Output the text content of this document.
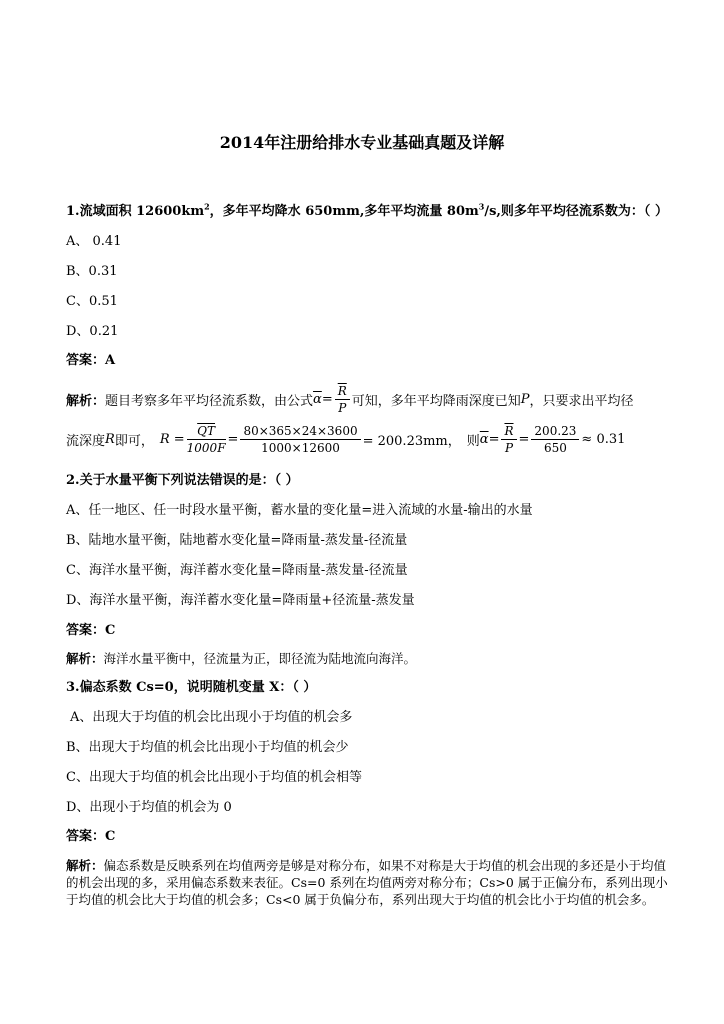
2014年注册给排水专业基础真题及详解
1.流域面积 $12600km^2$，多年平均降水 650mm,多年平均流量 $80m^3/s$,则多年平均径流系数为：（ ）
A、 0.41
B、0.31
C、0.51
D、0.21
答案：A
解析： 题目考察多年平均径流系数，由公式 $\overline{\alpha} = \frac{\overline{R}}{P}$ 可知，多年平均降雨深度已知 P ，只要求出平均径
流深度 R 即可， $R = \frac{\overline{QT}}{1000F} = \frac{80\times 365\times 24\times 3600}{1000\times 12600} = 200.23mm$， 则 $\overline{\alpha} = \frac{\overline{R}}{P} = \frac{200.23}{650} \approx 0.31$
2.关于水量平衡下列说法错误的是：（ ）
A、任一地区、任一时段水量平衡，蓄水量的变化量=进入流域的水量-输出的水量
B、陆地水量平衡，陆地蓄水变化量=降雨量-蒸发量-径流量
C、海洋水量平衡，海洋蓄水变化量=降雨量-蒸发量-径流量
D、海洋水量平衡，海洋蓄水变化量=降雨量+径流量-蒸发量
答案：C
解析：海洋水量平衡中，径流量为正，即径流为陆地流向海洋。
3.偏态系数 Cs=0，说明随机变量 X：（ ）
A、出现大于均值的机会比出现小于均值的机会多
B、出现大于均值的机会比出现小于均值的机会少
C、出现大于均值的机会比出现小于均值的机会相等
D、出现小于均值的机会为 0
答案：C
解析：偏态系数是反映系列在均值两旁是够是对称分布，如果不对称是大于均值的机会出现的多还是小于均值的机会出现的多，采用偏态系数来表征。Cs=0 系列在均值两旁对称分布；Cs>0 属于正偏分布，系列出现小于均值的机会比大于均值的机会多；Cs<0 属于负偏分布，系列出现大于均值的机会比小于均值的机会多。
